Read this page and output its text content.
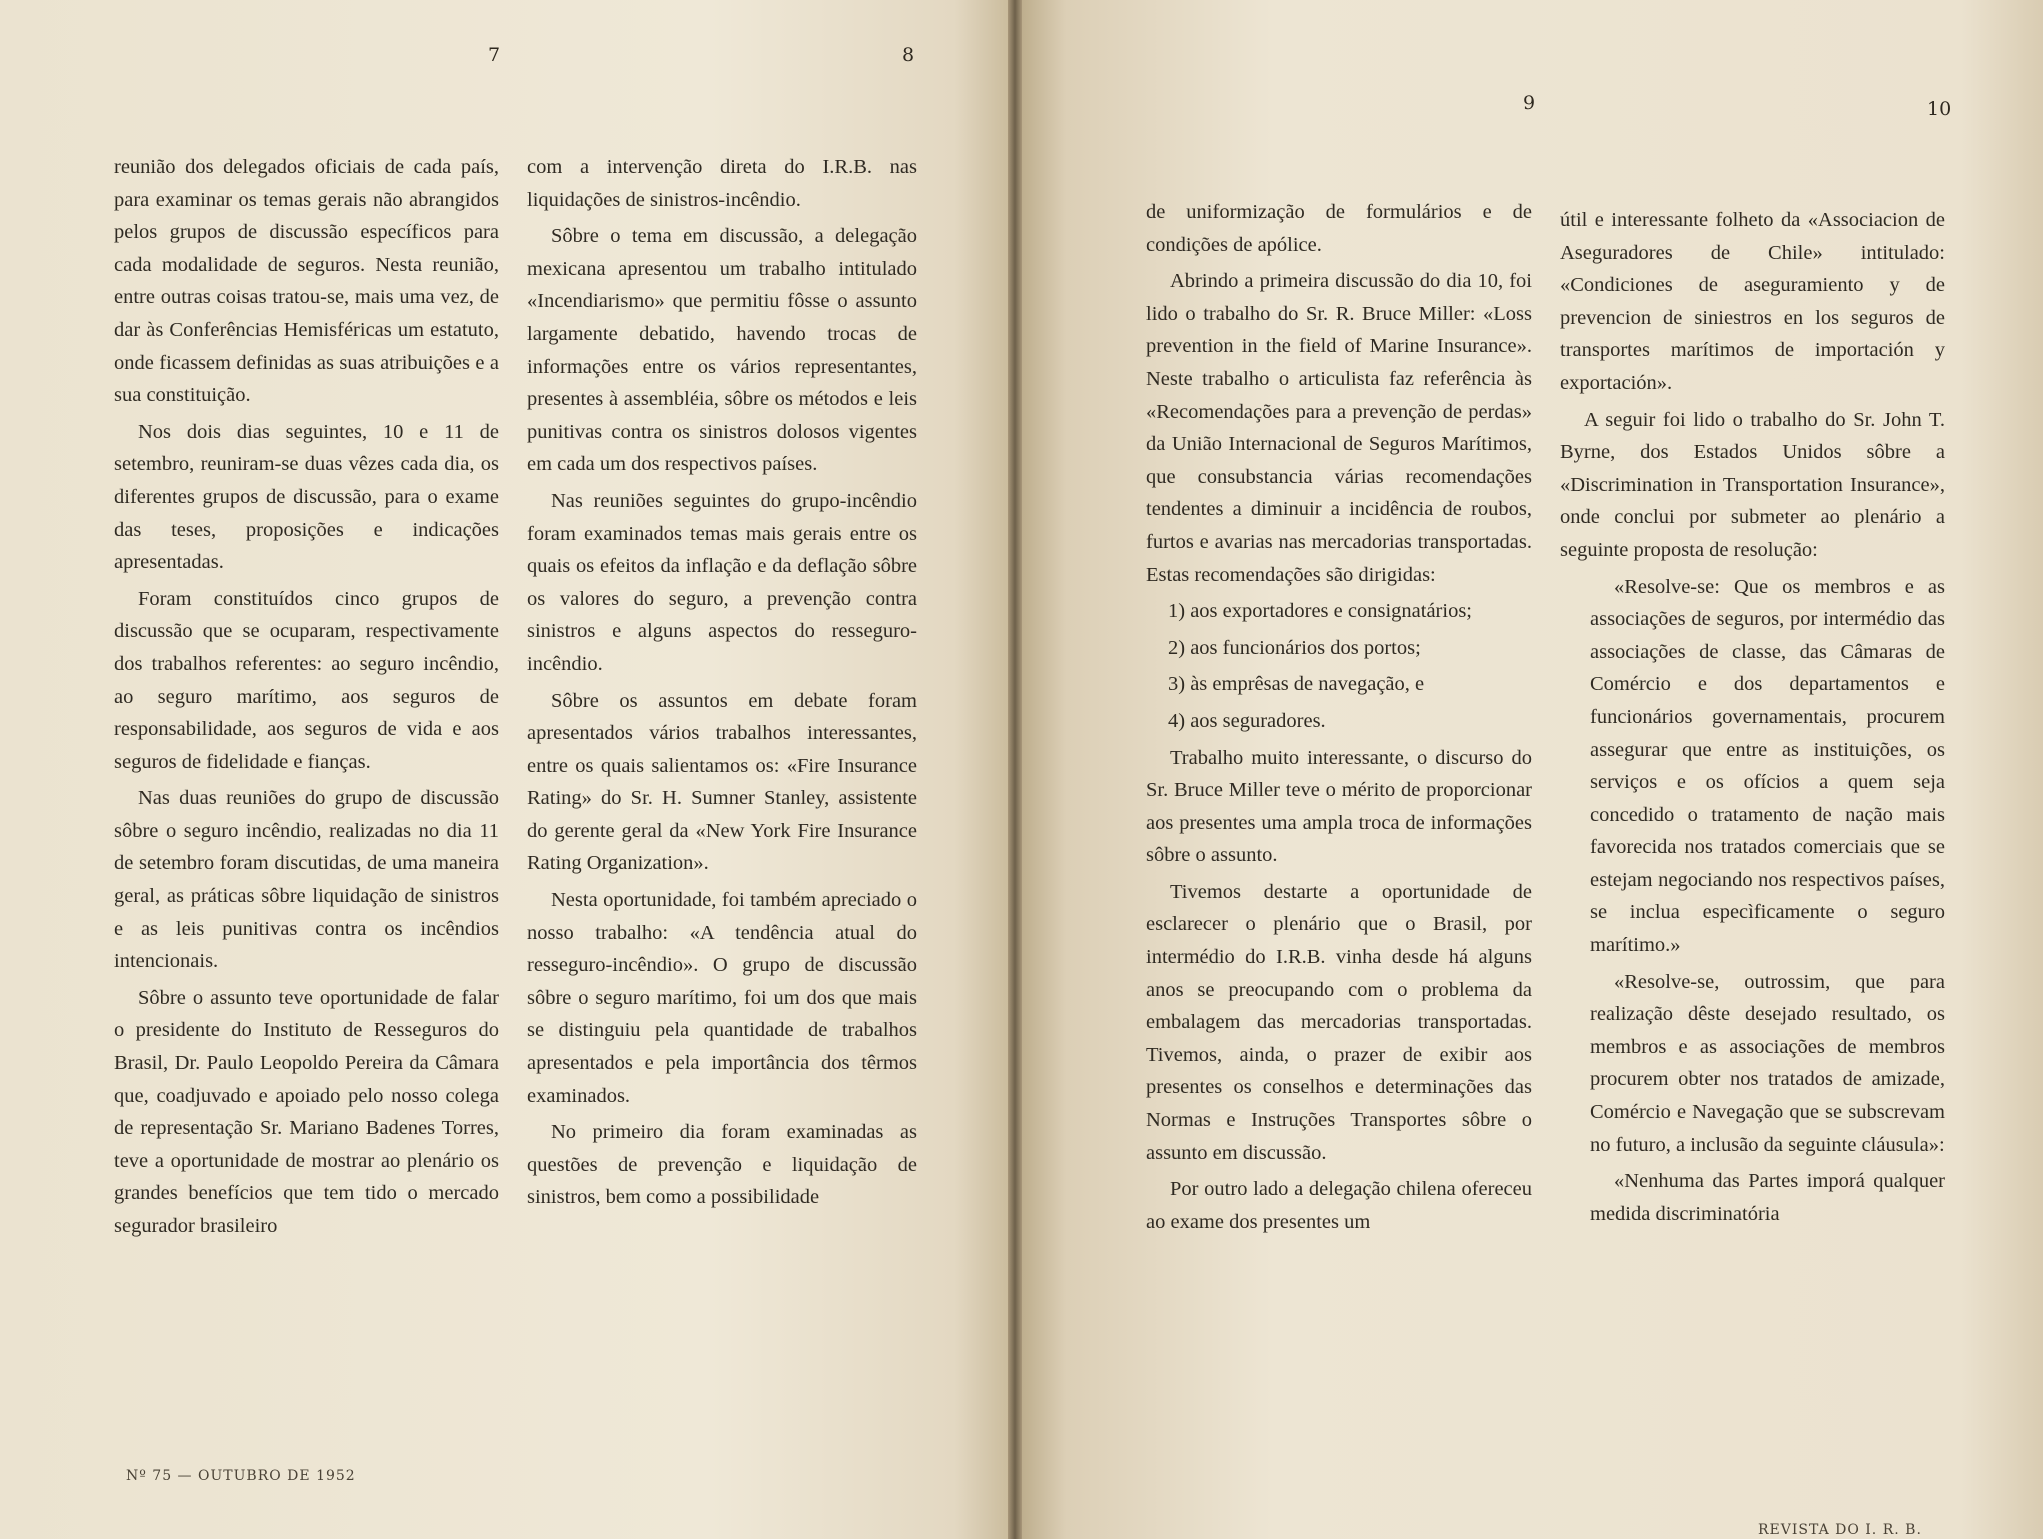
7	8
9	10

reunião dos delegados oficiais de cada país, para examinar os temas gerais não abrangidos pelos grupos de discussão específicos para cada modalidade de seguros. Nesta reunião, entre outras coisas tratou-se, mais uma vez, de dar às Conferências Hemisféricas um estatuto, onde ficassem definidas as suas atribuições e a sua constituição.

Nos dois dias seguintes, 10 e 11 de setembro, reuniram-se duas vêzes cada dia, os diferentes grupos de discussão, para o exame das teses, proposições e indicações apresentadas.

Foram constituídos cinco grupos de discussão que se ocuparam, respectivamente dos trabalhos referentes: ao seguro incêndio, ao seguro marítimo, aos seguros de responsabilidade, aos seguros de vida e aos seguros de fidelidade e fianças.

Nas duas reuniões do grupo de discussão sôbre o seguro incêndio, realizadas no dia 11 de setembro foram discutidas, de uma maneira geral, as práticas sôbre liquidação de sinistros e as leis punitivas contra os incêndios intencionais.

Sôbre o assunto teve oportunidade de falar o presidente do Instituto de Resseguros do Brasil, Dr. Paulo Leopoldo Pereira da Câmara que, coadjuvado e apoiado pelo nosso colega de representação Sr. Mariano Badenes Torres, teve a oportunidade de mostrar ao plenário os grandes benefícios que tem tido o mercado segurador brasileiro

com a intervenção direta do I.R.B. nas liquidações de sinistros-incêndio.

Sôbre o tema em discussão, a delegação mexicana apresentou um trabalho intitulado «Incendiarismo» que permitiu fôsse o assunto largamente debatido, havendo trocas de informações entre os vários representantes, presentes à assembléia, sôbre os métodos e leis punitivas contra os sinistros dolosos vigentes em cada um dos respectivos países.

Nas reuniões seguintes do grupo-incêndio foram examinados temas mais gerais entre os quais os efeitos da inflação e da deflação sôbre os valores do seguro, a prevenção contra sinistros e alguns aspectos do resseguro-incêndio.

Sôbre os assuntos em debate foram apresentados vários trabalhos interessantes, entre os quais salientamos os: «Fire Insurance Rating» do Sr. H. Sumner Stanley, assistente do gerente geral da «New York Fire Insurance Rating Organization».

Nesta oportunidade, foi também apreciado o nosso trabalho: «A tendência atual do resseguro-incêndio». O grupo de discussão sôbre o seguro marítimo, foi um dos que mais se distinguiu pela quantidade de trabalhos apresentados e pela importância dos têrmos examinados.

No primeiro dia foram examinadas as questões de prevenção e liquidação de sinistros, bem como a possibilidade

de uniformização de formulários e de condições de apólice.

Abrindo a primeira discussão do dia 10, foi lido o trabalho do Sr. R. Bruce Miller: «Loss prevention in the field of Marine Insurance». Neste trabalho o articulista faz referência às «Recomendações para a prevenção de perdas» da União Internacional de Seguros Marítimos, que consubstancia várias recomendações tendentes a diminuir a incidência de roubos, furtos e avarias nas mercadorias transportadas. Estas recomendações são dirigidas:

1) aos exportadores e consignatários;

2) aos funcionários dos portos;

3) às emprêsas de navegação, e

4) aos seguradores.

Trabalho muito interessante, o discurso do Sr. Bruce Miller teve o mérito de proporcionar aos presentes uma ampla troca de informações sôbre o assunto.

Tivemos destarte a oportunidade de esclarecer o plenário que o Brasil, por intermédio do I.R.B. vinha desde há alguns anos se preocupando com o problema da embalagem das mercadorias transportadas. Tivemos, ainda, o prazer de exibir aos presentes os conselhos e determinações das Normas e Instruções Transportes sôbre o assunto em discussão.

Por outro lado a delegação chilena ofereceu ao exame dos presentes um

útil e interessante folheto da «Associacion de Aseguradores de Chile» intitulado: «Condiciones de aseguramiento y de prevencion de siniestros en los seguros de transportes marítimos de importación y exportación».

A seguir foi lido o trabalho do Sr. John T. Byrne, dos Estados Unidos sôbre a «Discrimination in Transportation Insurance», onde conclui por submeter ao plenário a seguinte proposta de resolução:

«Resolve-se: Que os membros e as associações de seguros, por intermédio das associações de classe, das Câmaras de Comércio e dos departamentos e funcionários governamentais, procurem assegurar que entre as instituições, os serviços e os ofícios a quem seja concedido o tratamento de nação mais favorecida nos tratados comerciais que se estejam negociando nos respectivos países, se inclua especìficamente o seguro marítimo.»

«Resolve-se, outrossim, que para realização dêste desejado resultado, os membros e as associações de membros procurem obter nos tratados de amizade, Comércio e Navegação que se subscrevam no futuro, a inclusão da seguinte cláusula»:

«Nenhuma das Partes imporá qualquer medida discriminatória

Nº 75 — OUTUBRO DE 1952
REVISTA DO I. R. B.
